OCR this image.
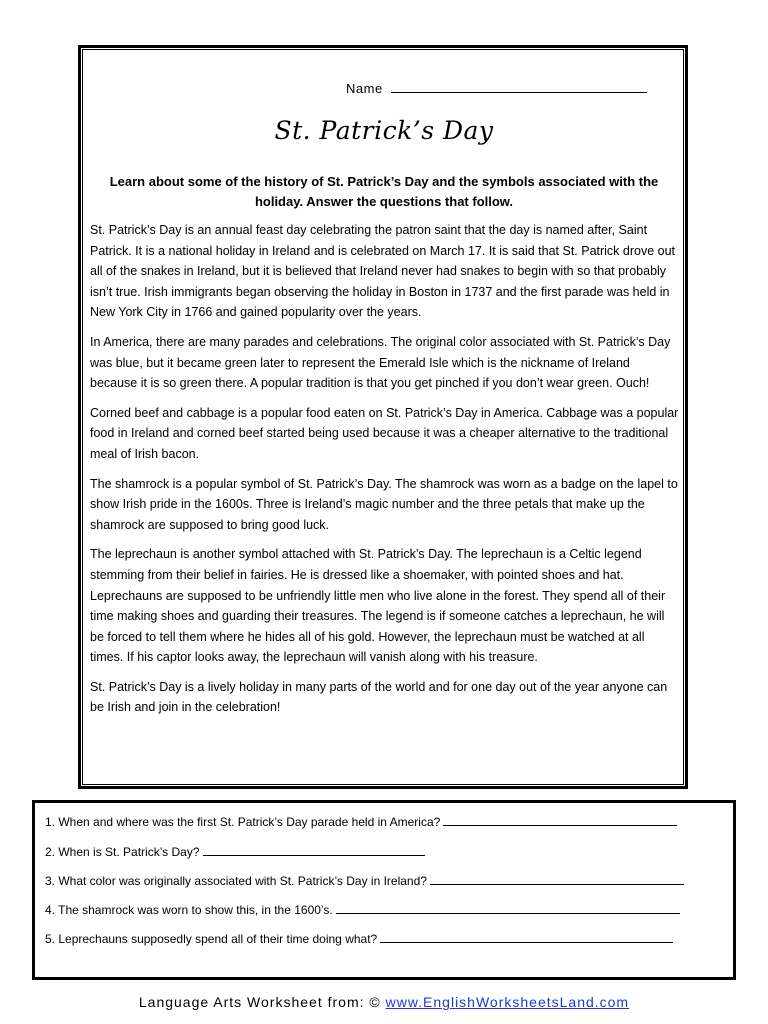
Name
St. Patrick’s Day
Learn about some of the history of St. Patrick’s Day and the symbols associated with the holiday. Answer the questions that follow.

St. Patrick’s Day is an annual feast day celebrating the patron saint that the day is named after, Saint Patrick. It is a national holiday in Ireland and is celebrated on March 17. It is said that St. Patrick drove out all of the snakes in Ireland, but it is believed that Ireland never had snakes to begin with so that probably isn’t true. Irish immigrants began observing the holiday in Boston in 1737 and the first parade was held in New York City in 1766 and gained popularity over the years.

In America, there are many parades and celebrations. The original color associated with St. Patrick’s Day was blue, but it became green later to represent the Emerald Isle which is the nickname of Ireland because it is so green there. A popular tradition is that you get pinched if you don’t wear green. Ouch!

Corned beef and cabbage is a popular food eaten on St. Patrick’s Day in America. Cabbage was a popular food in Ireland and corned beef started being used because it was a cheaper alternative to the traditional meal of Irish bacon.

The shamrock is a popular symbol of St. Patrick’s Day. The shamrock was worn as a badge on the lapel to show Irish pride in the 1600s. Three is Ireland’s magic number and the three petals that make up the shamrock are supposed to bring good luck.

The leprechaun is another symbol attached with St. Patrick’s Day. The leprechaun is a Celtic legend stemming from their belief in fairies. He is dressed like a shoemaker, with pointed shoes and hat. Leprechauns are supposed to be unfriendly little men who live alone in the forest. They spend all of their time making shoes and guarding their treasures. The legend is if someone catches a leprechaun, he will be forced to tell them where he hides all of his gold. However, the leprechaun must be watched at all times. If his captor looks away, the leprechaun will vanish along with his treasure.

St. Patrick’s Day is a lively holiday in many parts of the world and for one day out of the year anyone can be Irish and join in the celebration!

1. When and where was the first St. Patrick’s Day parade held in America?
2. When is St. Patrick’s Day?
3. What color was originally associated with St. Patrick’s Day in Ireland?
4. The shamrock was worn to show this, in the 1600’s.
5. Leprechauns supposedly spend all of their time doing what?
Language Arts Worksheet from: © www.EnglishWorksheetsLand.com
